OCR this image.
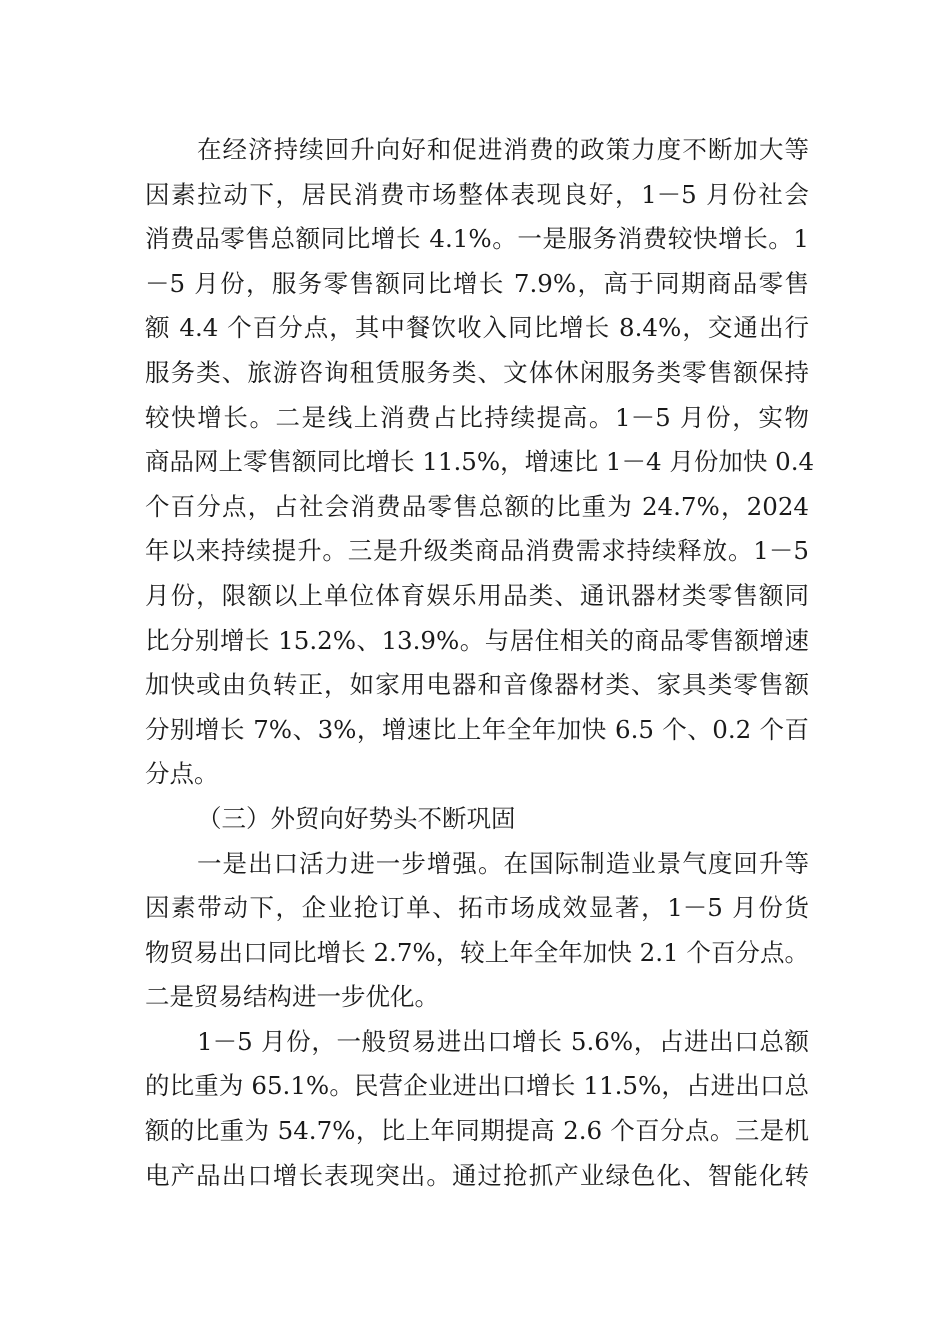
在经济持续回升向好和促进消费的政策力度不断加大等
因素拉动下，居民消费市场整体表现良好，1－5 月份社会
消费品零售总额同比增长 4.1%。一是服务消费较快增长。1
－5 月份，服务零售额同比增长 7.9%，高于同期商品零售
额 4.4 个百分点，其中餐饮收入同比增长 8.4%，交通出行
服务类、旅游咨询租赁服务类、文体休闲服务类零售额保持
较快增长。二是线上消费占比持续提高。1－5 月份，实物
商品网上零售额同比增长 11.5%，增速比 1－4 月份加快 0.4
个百分点，占社会消费品零售总额的比重为 24.7%，2024
年以来持续提升。三是升级类商品消费需求持续释放。1－5
月份，限额以上单位体育娱乐用品类、通讯器材类零售额同
比分别增长 15.2%、13.9%。与居住相关的商品零售额增速
加快或由负转正，如家用电器和音像器材类、家具类零售额
分别增长 7%、3%，增速比上年全年加快 6.5 个、0.2 个百
分点。
（三）外贸向好势头不断巩固
一是出口活力进一步增强。在国际制造业景气度回升等
因素带动下，企业抢订单、拓市场成效显著，1－5 月份货
物贸易出口同比增长 2.7%，较上年全年加快 2.1 个百分点。
二是贸易结构进一步优化。
1－5 月份，一般贸易进出口增长 5.6%，占进出口总额
的比重为 65.1%。民营企业进出口增长 11.5%，占进出口总
额的比重为 54.7%，比上年同期提高 2.6 个百分点。三是机
电产品出口增长表现突出。通过抢抓产业绿色化、智能化转
